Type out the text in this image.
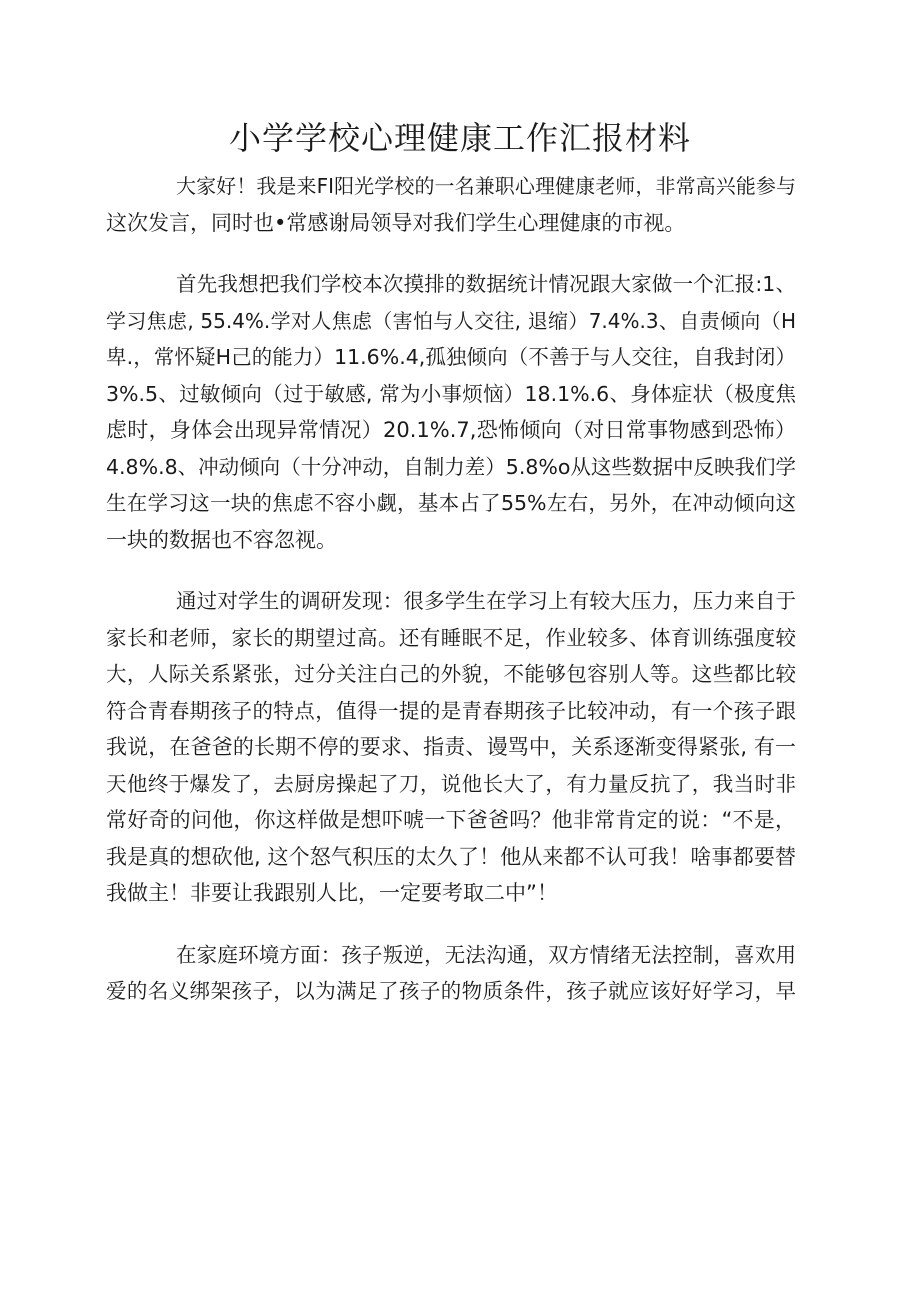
小学学校心理健康工作汇报材料

大家好！我是来FI阳光学校的一名兼职心理健康老师，非常高兴能参与
这次发言，同时也•常感谢局领导对我们学生心理健康的市视。

首先我想把我们学校本次摸排的数据统计情况跟大家做一个汇报:1、
学习焦虑, 55.4%.学对人焦虑（害怕与人交往, 退缩）7.4%.3、自责倾向（H
卑.，常怀疑H己的能力）11.6%.4,孤独倾向（不善于与人交往，自我封闭）
3%.5、过敏倾向（过于敏感, 常为小事烦恼）18.1%.6、身体症状（极度焦
虑时，身体会出现异常情况）20.1%.7,恐怖倾向（对日常事物感到恐怖）
4.8%.8、冲动倾向（十分冲动，自制力差）5.8%o从这些数据中反映我们学
生在学习这一块的焦虑不容小觑，基本占了55%左右，另外，在冲动倾向这
一块的数据也不容忽视。

通过对学生的调研发现：很多学生在学习上有较大压力，压力来自于
家长和老师，家长的期望过高。还有睡眠不足，作业较多、体育训练强度较
大，人际关系紧张，过分关注白己的外貌，不能够包容别人等。这些都比较
符合青春期孩子的特点，值得一提的是青春期孩子比较冲动，有一个孩子跟
我说，在爸爸的长期不停的要求、指责、谩骂中，关系逐渐变得紧张, 有一
天他终于爆发了，去厨房操起了刀，说他长大了，有力量反抗了，我当时非
常好奇的问他，你这样做是想吓唬一下爸爸吗？他非常肯定的说：“不是，
我是真的想砍他, 这个怒气积压的太久了！他从来都不认可我！啥事都要替
我做主！非要让我跟别人比，一定要考取二中”！

在家庭环境方面：孩子叛逆，无法沟通，双方情绪无法控制，喜欢用
爱的名义绑架孩子，以为满足了孩子的物质条件，孩子就应该好好学习，早
